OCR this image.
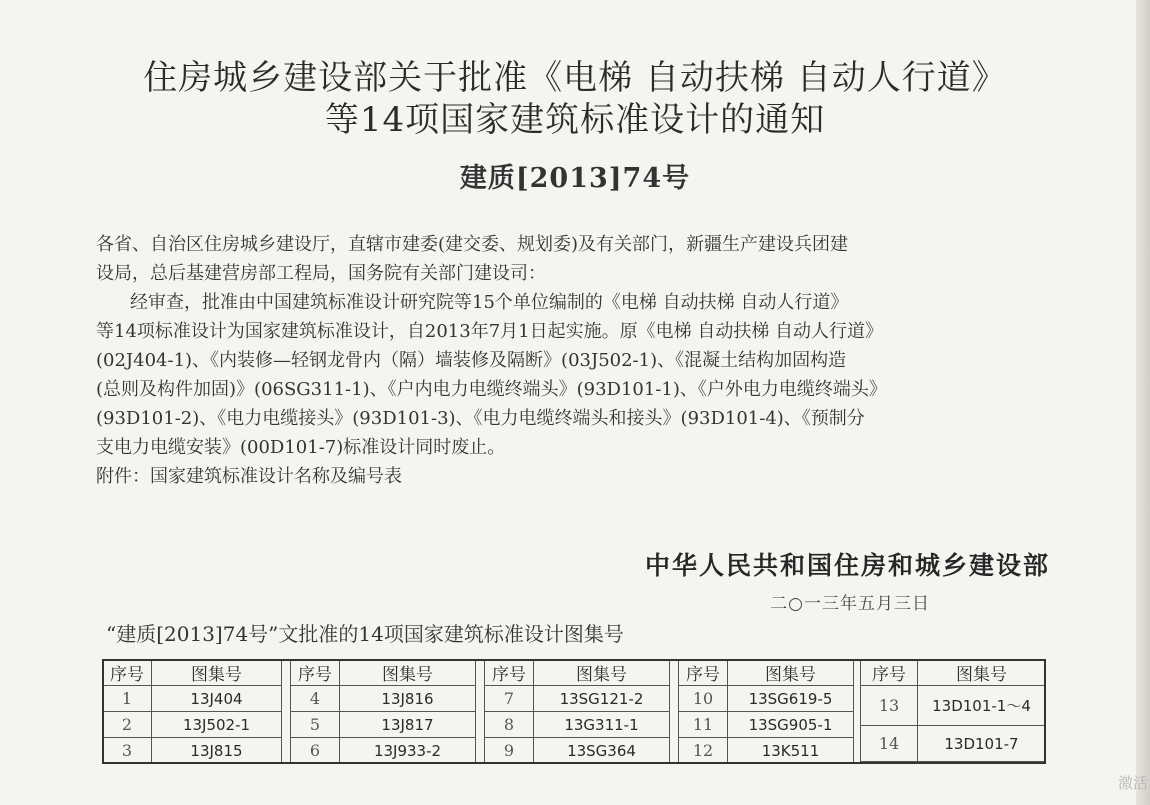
住房城乡建设部关于批准《电梯 自动扶梯 自动人行道》
等14项国家建筑标准设计的通知
建质[2013]74号
各省、自治区住房城乡建设厅，直辖市建委(建交委、规划委)及有关部门，新疆生产建设兵团建
设局，总后基建营房部工程局，国务院有关部门建设司：
经审查，批准由中国建筑标准设计研究院等15个单位编制的《电梯 自动扶梯 自动人行道》
等14项标准设计为国家建筑标准设计，自2013年7月1日起实施。原《电梯 自动扶梯 自动人行道》
(02J404-1)、《内装修—轻钢龙骨内（隔）墙装修及隔断》(03J502-1)、《混凝土结构加固构造
(总则及构件加固)》(06SG311-1)、《户内电力电缆终端头》(93D101-1)、《户外电力电缆终端头》
(93D101-2)、《电力电缆接头》(93D101-3)、《电力电缆终端头和接头》(93D101-4)、《预制分
支电力电缆安装》(00D101-7)标准设计同时废止。
附件：国家建筑标准设计名称及编号表
中华人民共和国住房和城乡建设部
二○一三年五月三日
“建质[2013]74号”文批准的14项国家建筑标准设计图集号
序号	图集号
1	13J404
2	13J502-1
3	13J815
序号	图集号
4	13J816
5	13J817
6	13J933-2
序号	图集号
7	13SG121-2
8	13G311-1
9	13SG364
序号	图集号
10	13SG619-5
11	13SG905-1
12	13K511
序号	图集号
13	13D101-1～4
14	13D101-7

激活
